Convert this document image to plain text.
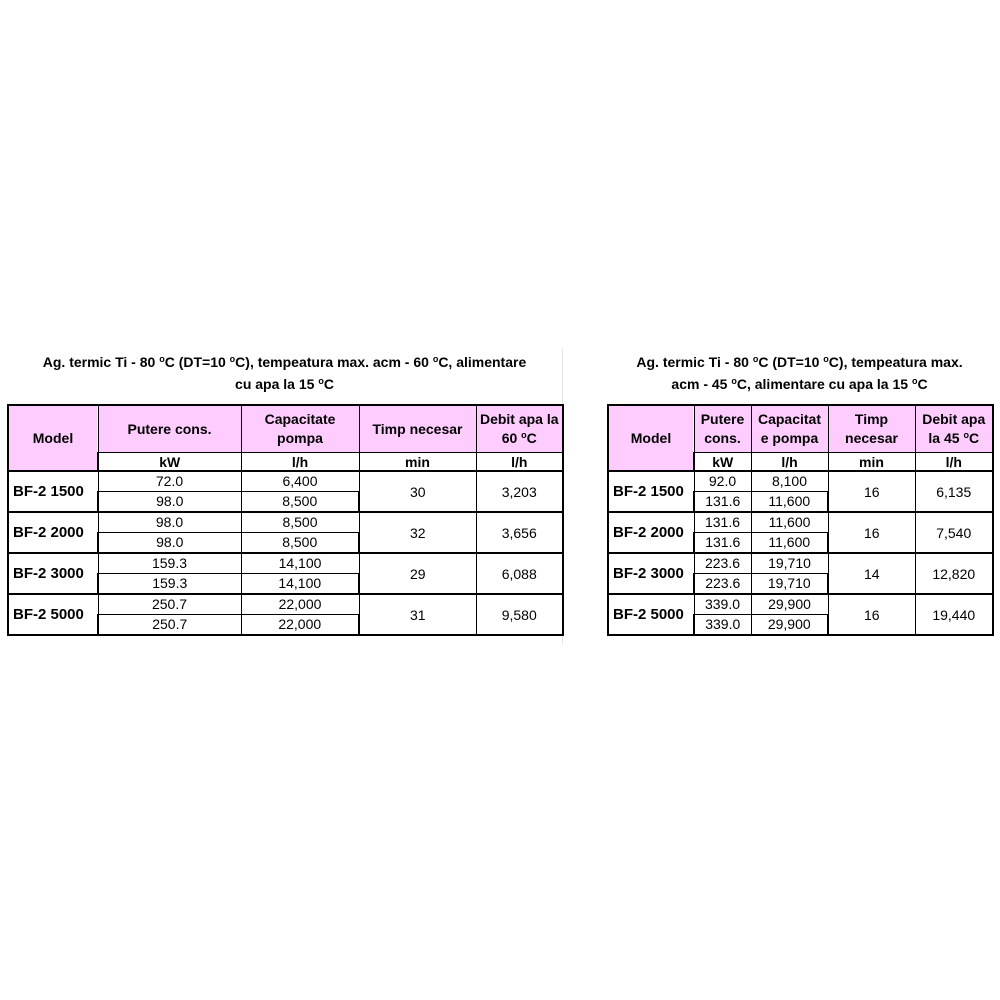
Ag. termic Ti - 80 $^o$C (DT=10 $^o$C), tempeatura max. acm - 60 $^o$C, alimentare
cu apa la 15 $^o$C
Model	Putere cons.	Capacitate pompa	Timp necesar	Debit apa la 60 $^o$C
	kW	l/h	min	l/h
BF-2 1500	72.0	6,400	30	3,203
	98.0	8,500		
BF-2 2000	98.0	8,500	32	3,656
	98.0	8,500		
BF-2 3000	159.3	14,100	29	6,088
	159.3	14,100		
BF-2 5000	250.7	22,000	31	9,580
	250.7	22,000		
Ag. termic Ti - 80 $^o$C (DT=10 $^o$C), tempeatura max.
acm - 45 $^o$C, alimentare cu apa la 15 $^o$C
Model	Putere cons.	Capacitat e pompa	Timp necesar	Debit apa la 45 $^o$C
	kW	l/h	min	l/h
BF-2 1500	92.0	8,100	16	6,135
	131.6	11,600		
BF-2 2000	131.6	11,600	16	7,540
	131.6	11,600		
BF-2 3000	223.6	19,710	14	12,820
	223.6	19,710		
BF-2 5000	339.0	29,900	16	19,440
	339.0	29,900		
